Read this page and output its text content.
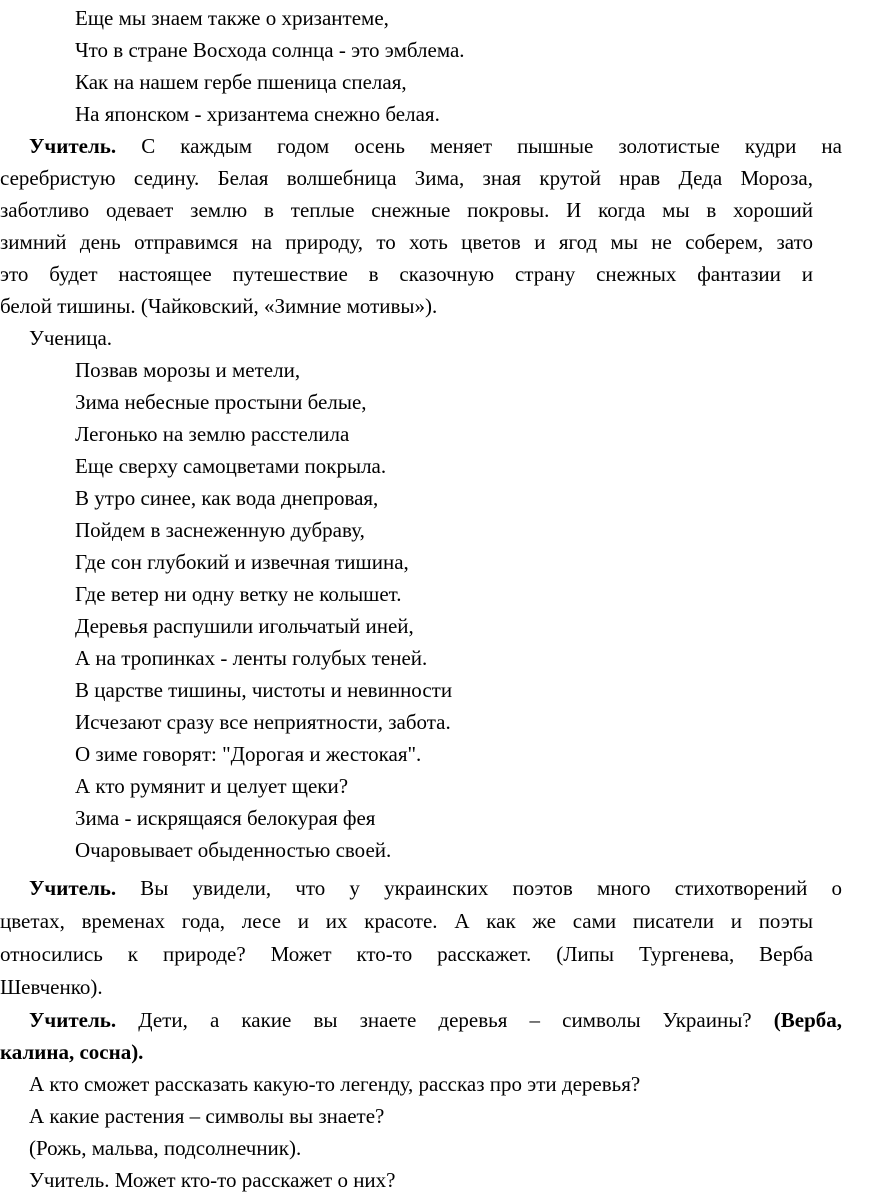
Еще мы знаем также о хризантеме,

Что в стране Восхода солнца - это эмблема.

Как на нашем гербе пшеница спелая,

На японском - хризантема снежно белая.

Учитель. С каждым годом осень меняет пышные золотистые кудри на

серебристую седину. Белая волшебница Зима, зная крутой нрав Деда Мороза,

заботливо одевает землю в теплые снежные покровы. И когда мы в хороший

зимний день отправимся на природу, то хоть цветов и ягод мы не соберем, зато

это будет настоящее путешествие в сказочную страну снежных фантазии и

белой тишины. (Чайковский, «Зимние мотивы»).

Ученица.

Позвав морозы и метели,

Зима небесные простыни белые,

Легонько на землю расстелила

Еще сверху самоцветами покрыла.

В утро синее, как вода днепровая,

Пойдем в заснеженную дубраву,

Где сон глубокий и извечная тишина,

Где ветер ни одну ветку не колышет.

Деревья распушили игольчатый иней,

А на тропинках - ленты голубых теней.

В царстве тишины, чистоты и невинности

Исчезают сразу все неприятности, забота.

О зиме говорят: "Дорогая и жестокая".

А кто румянит и целует щеки?

Зима - искрящаяся белокурая фея

Очаровывает обыденностью своей.

Учитель. Вы увидели, что у украинских поэтов много стихотворений о

цветах, временах года, лесе и их красоте. А как же сами писатели и поэты

относились к природе? Может кто-то расскажет. (Липы Тургенева, Верба

Шевченко).

Учитель. Дети, а какие вы знаете деревья – символы Украины? (Верба,

калина, сосна).

А кто сможет рассказать какую-то легенду, рассказ про эти деревья?

А какие растения – символы вы знаете?

(Рожь, мальва, подсолнечник).

Учитель. Может кто-то расскажет о них?
